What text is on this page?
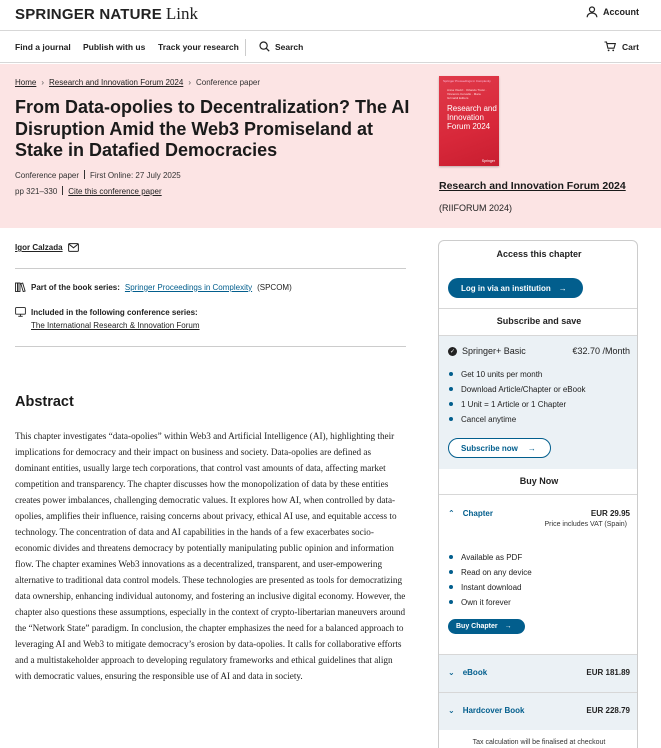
SPRINGER NATURE Link	Account
Find a journal Publish with us Track your research	Search	Cart
Home › Research and Innovation Forum 2024 › Conference paper
From Data-opolies to Decentralization? The AI Disruption Amid the Web3 Promiseland at Stake in Datafied Democracies
Conference paper First Online: 27 July 2025
pp 321–330 Cite this conference paper
Springer Proceedings in Complexity
Anna Visvizi · Orlando Troisi · Vincenzo Corvello · Mara Grimaldi Editors
Research and Innovation Forum 2024
Springer
Research and Innovation Forum 2024
(RIIFORUM 2024)
Igor Calzada
Part of the book series: Springer Proceedings in Complexity (SPCOM)
Included in the following conference series:
The International Research & Innovation Forum
Abstract

This chapter investigates “data-opolies” within Web3 and Artificial Intelligence (AI), highlighting their implications for democracy and their impact on business and society. Data-opolies are defined as dominant entities, usually large tech corporations, that control vast amounts of data, affecting market competition and transparency. The chapter discusses how the monopolization of data by these entities creates power imbalances, challenging democratic values. It explores how AI, when controlled by data-opolies, amplifies their influence, raising concerns about privacy, ethical AI use, and equitable access to technology. The concentration of data and AI capabilities in the hands of a few exacerbates socio-economic divides and threatens democracy by potentially manipulating public opinion and information flow. The chapter examines Web3 innovations as a decentralized, transparent, and user-empowering alternative to traditional data control models. These technologies are presented as tools for democratizing data ownership, enhancing individual autonomy, and fostering an inclusive digital economy. However, the chapter also questions these assumptions, especially in the context of crypto-libertarian maneuvers around the “Network State” paradigm. In conclusion, the chapter emphasizes the need for a balanced approach to leveraging AI and Web3 to mitigate democracy’s erosion by data-opolies. It calls for collaborative efforts and a multistakeholder approach to developing regulatory frameworks and ethical guidelines that align with democratic values, ensuring the responsible use of AI and data in society.

Access this chapter
Log in via an institution →
Subscribe and save
✓ Springer+ Basic	€32.70 /Month
Get 10 units per month
Download Article/Chapter or eBook
1 Unit = 1 Article or 1 Chapter
Cancel anytime
Subscribe now →
Buy Now
⌃ Chapter	EUR 29.95
Price includes VAT (Spain)
Available as PDF
Read on any device
Instant download
Own it forever
Buy Chapter →
⌄ eBook	EUR 181.89
⌄ Hardcover Book	EUR 228.79
Tax calculation will be finalised at checkout
